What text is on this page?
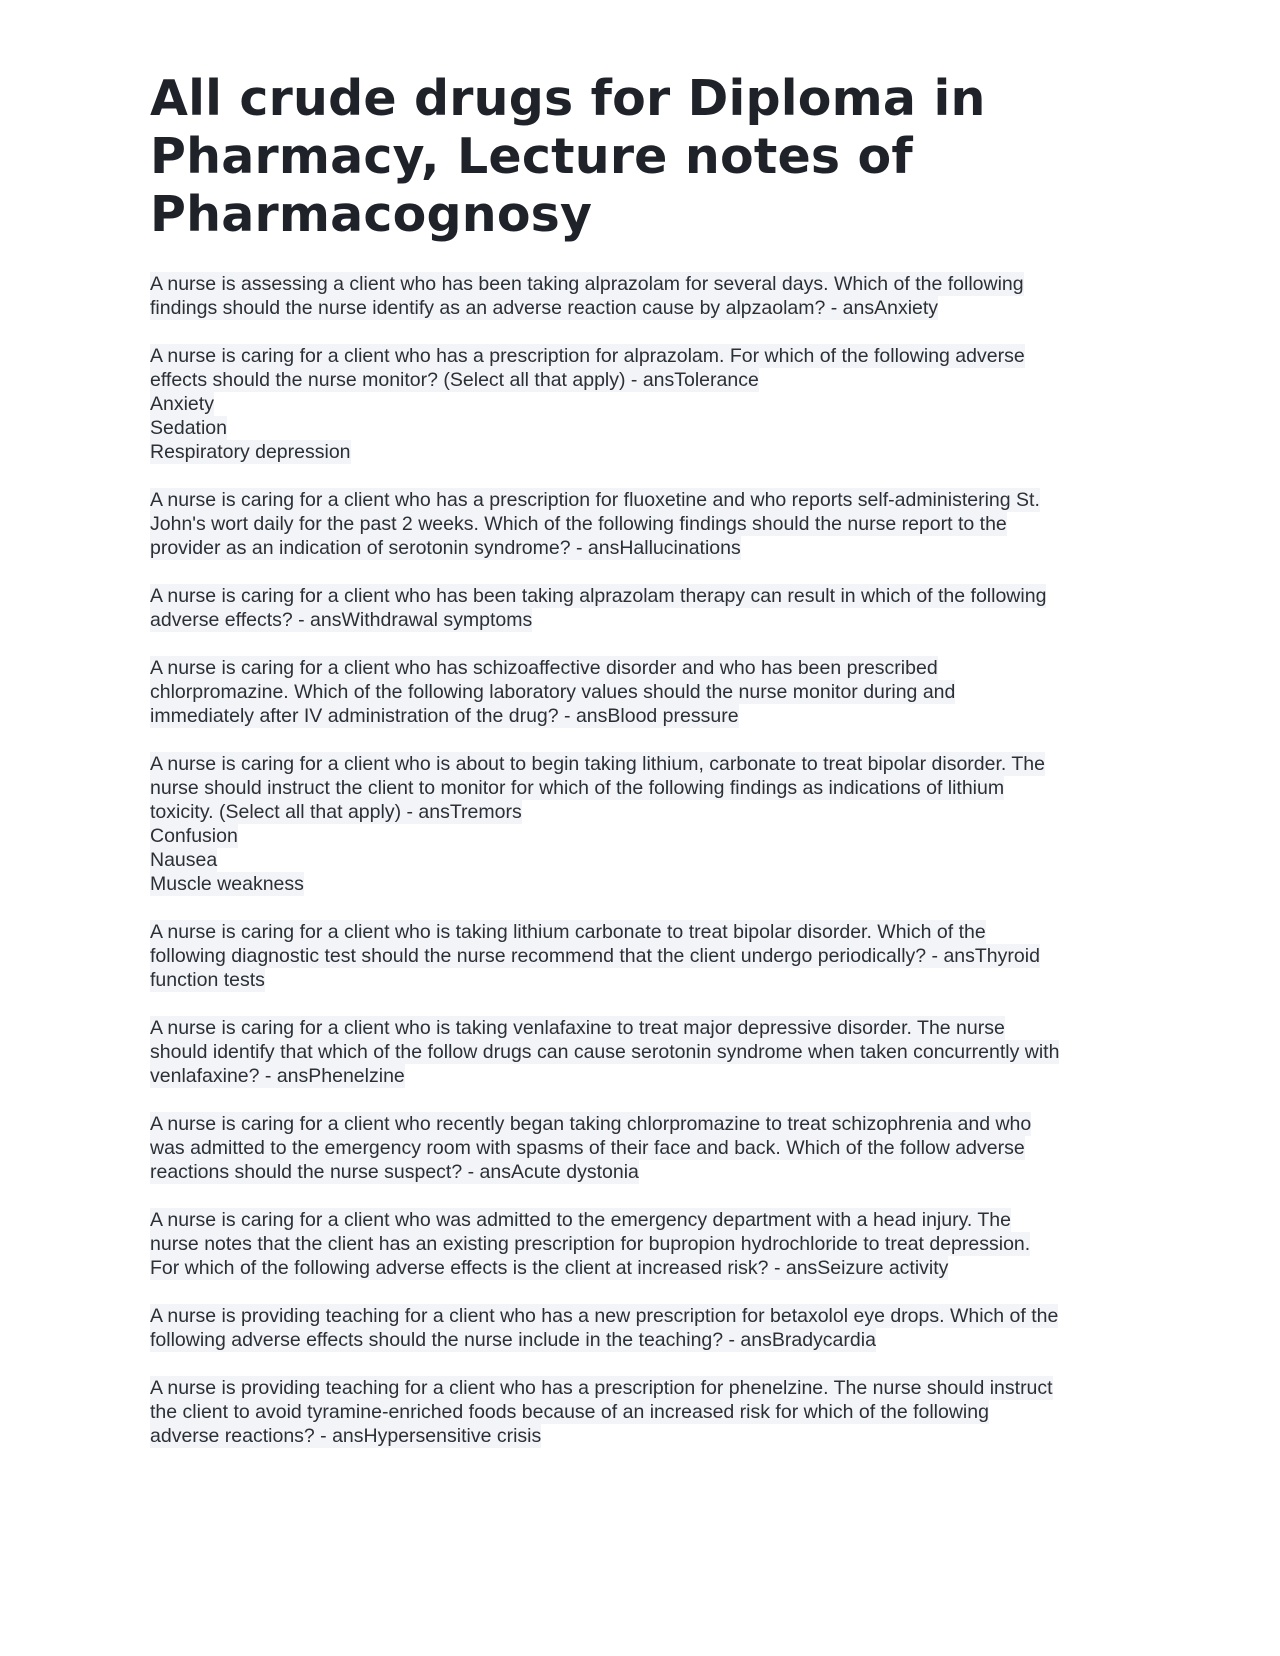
All crude drugs for Diploma in
Pharmacy, Lecture notes of
Pharmacognosy
A nurse is assessing a client who has been taking alprazolam for several days. Which of the following
findings should the nurse identify as an adverse reaction cause by alpzaolam? - ansAnxiety
A nurse is caring for a client who has a prescription for alprazolam. For which of the following adverse
effects should the nurse monitor? (Select all that apply) - ansTolerance
Anxiety
Sedation
Respiratory depression
A nurse is caring for a client who has a prescription for fluoxetine and who reports self-administering St.
John's wort daily for the past 2 weeks. Which of the following findings should the nurse report to the
provider as an indication of serotonin syndrome? - ansHallucinations
A nurse is caring for a client who has been taking alprazolam therapy can result in which of the following
adverse effects? - ansWithdrawal symptoms
A nurse is caring for a client who has schizoaffective disorder and who has been prescribed
chlorpromazine. Which of the following laboratory values should the nurse monitor during and
immediately after IV administration of the drug? - ansBlood pressure
A nurse is caring for a client who is about to begin taking lithium, carbonate to treat bipolar disorder. The
nurse should instruct the client to monitor for which of the following findings as indications of lithium
toxicity. (Select all that apply) - ansTremors
Confusion
Nausea
Muscle weakness
A nurse is caring for a client who is taking lithium carbonate to treat bipolar disorder. Which of the
following diagnostic test should the nurse recommend that the client undergo periodically? - ansThyroid
function tests
A nurse is caring for a client who is taking venlafaxine to treat major depressive disorder. The nurse
should identify that which of the follow drugs can cause serotonin syndrome when taken concurrently with
venlafaxine? - ansPhenelzine
A nurse is caring for a client who recently began taking chlorpromazine to treat schizophrenia and who
was admitted to the emergency room with spasms of their face and back. Which of the follow adverse
reactions should the nurse suspect? - ansAcute dystonia
A nurse is caring for a client who was admitted to the emergency department with a head injury. The
nurse notes that the client has an existing prescription for bupropion hydrochloride to treat depression.
For which of the following adverse effects is the client at increased risk? - ansSeizure activity
A nurse is providing teaching for a client who has a new prescription for betaxolol eye drops. Which of the
following adverse effects should the nurse include in the teaching? - ansBradycardia
A nurse is providing teaching for a client who has a prescription for phenelzine. The nurse should instruct
the client to avoid tyramine-enriched foods because of an increased risk for which of the following
adverse reactions? - ansHypersensitive crisis
